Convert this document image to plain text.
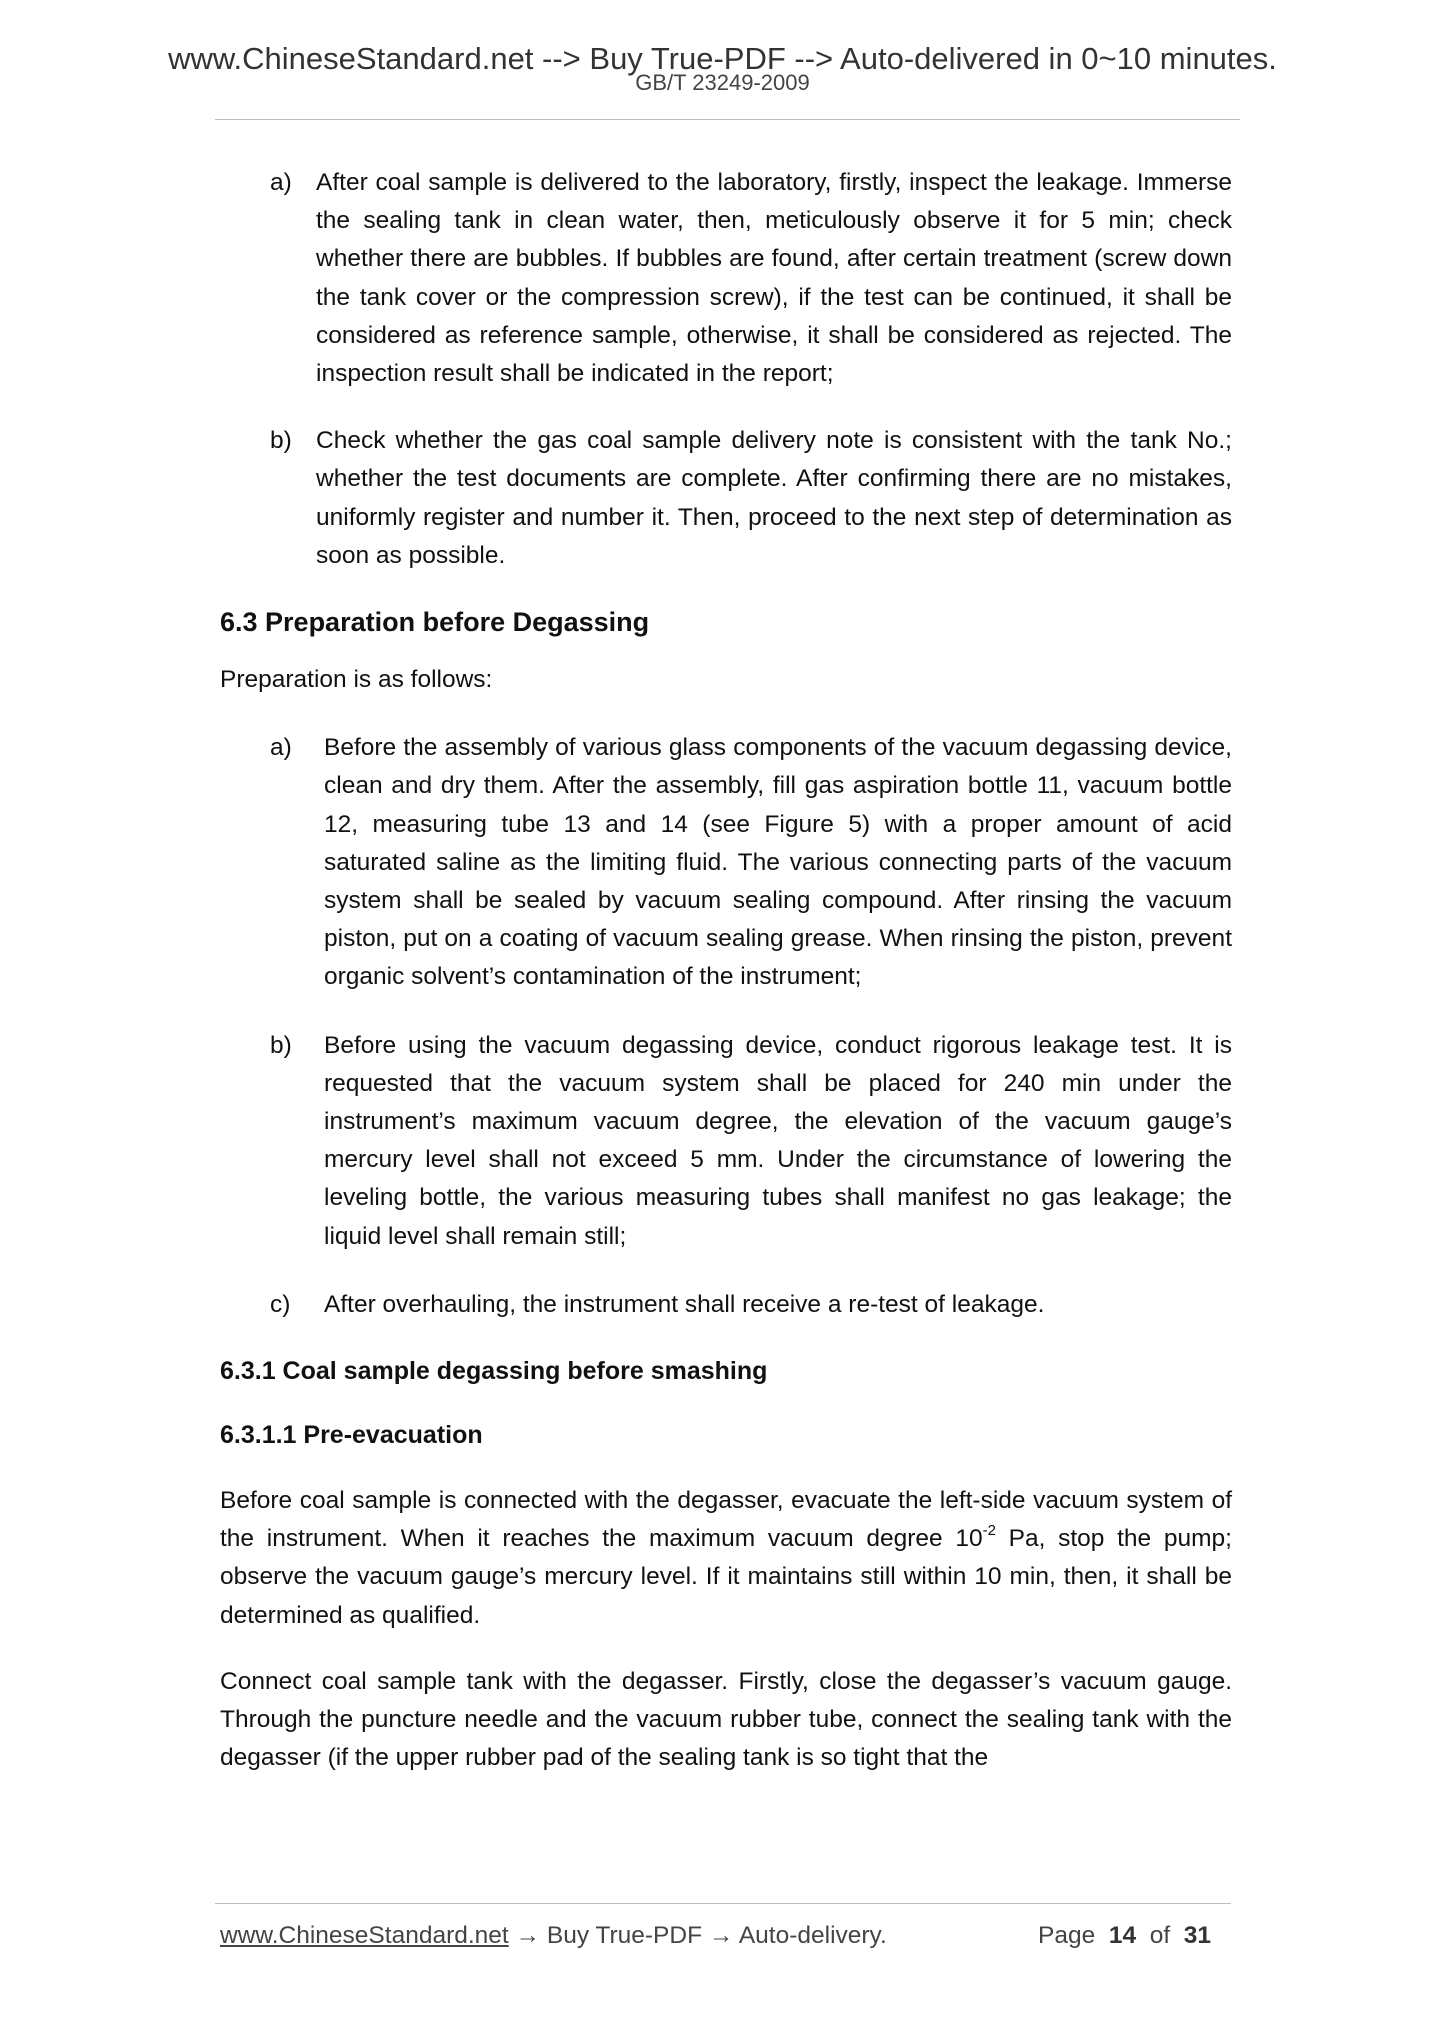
www.ChineseStandard.net --> Buy True-PDF --> Auto-delivered in 0~10 minutes.
GB/T 23249-2009
a) After coal sample is delivered to the laboratory, firstly, inspect the leakage. Immerse the sealing tank in clean water, then, meticulously observe it for 5 min; check whether there are bubbles. If bubbles are found, after certain treatment (screw down the tank cover or the compression screw), if the test can be continued, it shall be considered as reference sample, otherwise, it shall be considered as rejected. The inspection result shall be indicated in the report;
b) Check whether the gas coal sample delivery note is consistent with the tank No.; whether the test documents are complete. After confirming there are no mistakes, uniformly register and number it. Then, proceed to the next step of determination as soon as possible.
6.3 Preparation before Degassing
Preparation is as follows:
a) Before the assembly of various glass components of the vacuum degassing device, clean and dry them. After the assembly, fill gas aspiration bottle 11, vacuum bottle 12, measuring tube 13 and 14 (see Figure 5) with a proper amount of acid saturated saline as the limiting fluid. The various connecting parts of the vacuum system shall be sealed by vacuum sealing compound. After rinsing the vacuum piston, put on a coating of vacuum sealing grease. When rinsing the piston, prevent organic solvent’s contamination of the instrument;
b) Before using the vacuum degassing device, conduct rigorous leakage test. It is requested that the vacuum system shall be placed for 240 min under the instrument’s maximum vacuum degree, the elevation of the vacuum gauge’s mercury level shall not exceed 5 mm. Under the circumstance of lowering the leveling bottle, the various measuring tubes shall manifest no gas leakage; the liquid level shall remain still;
c) After overhauling, the instrument shall receive a re-test of leakage.
6.3.1 Coal sample degassing before smashing
6.3.1.1 Pre-evacuation
Before coal sample is connected with the degasser, evacuate the left-side vacuum system of the instrument. When it reaches the maximum vacuum degree $10^{-2}$ Pa, stop the pump; observe the vacuum gauge’s mercury level. If it maintains still within 10 min, then, it shall be determined as qualified.
Connect coal sample tank with the degasser. Firstly, close the degasser’s vacuum gauge. Through the puncture needle and the vacuum rubber tube, connect the sealing tank with the degasser (if the upper rubber pad of the sealing tank is so tight that the
www.ChineseStandard.net → Buy True-PDF → Auto-delivery.	Page 14 of 31
